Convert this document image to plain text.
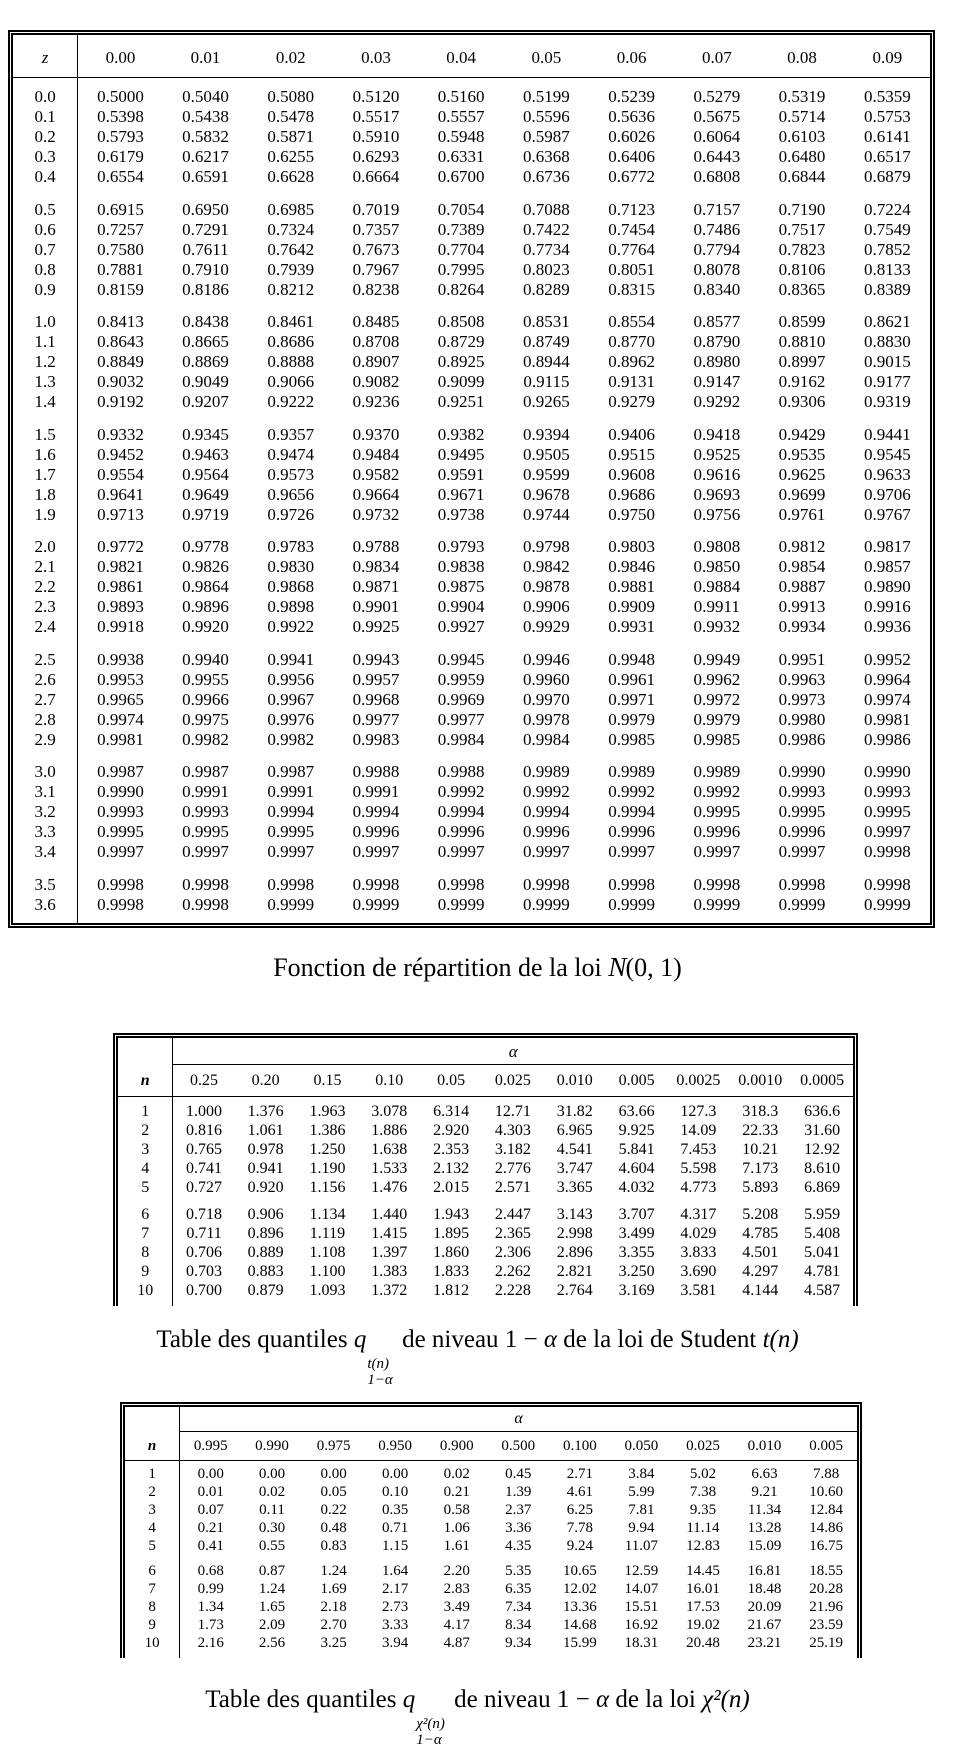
z	0.00	0.01	0.02	0.03	0.04	0.05	0.06	0.07	0.08	0.09
0.0	0.5000	0.5040	0.5080	0.5120	0.5160	0.5199	0.5239	0.5279	0.5319	0.5359
0.1	0.5398	0.5438	0.5478	0.5517	0.5557	0.5596	0.5636	0.5675	0.5714	0.5753
0.2	0.5793	0.5832	0.5871	0.5910	0.5948	0.5987	0.6026	0.6064	0.6103	0.6141
0.3	0.6179	0.6217	0.6255	0.6293	0.6331	0.6368	0.6406	0.6443	0.6480	0.6517
0.4	0.6554	0.6591	0.6628	0.6664	0.6700	0.6736	0.6772	0.6808	0.6844	0.6879
0.5	0.6915	0.6950	0.6985	0.7019	0.7054	0.7088	0.7123	0.7157	0.7190	0.7224
0.6	0.7257	0.7291	0.7324	0.7357	0.7389	0.7422	0.7454	0.7486	0.7517	0.7549
0.7	0.7580	0.7611	0.7642	0.7673	0.7704	0.7734	0.7764	0.7794	0.7823	0.7852
0.8	0.7881	0.7910	0.7939	0.7967	0.7995	0.8023	0.8051	0.8078	0.8106	0.8133
0.9	0.8159	0.8186	0.8212	0.8238	0.8264	0.8289	0.8315	0.8340	0.8365	0.8389
1.0	0.8413	0.8438	0.8461	0.8485	0.8508	0.8531	0.8554	0.8577	0.8599	0.8621
1.1	0.8643	0.8665	0.8686	0.8708	0.8729	0.8749	0.8770	0.8790	0.8810	0.8830
1.2	0.8849	0.8869	0.8888	0.8907	0.8925	0.8944	0.8962	0.8980	0.8997	0.9015
1.3	0.9032	0.9049	0.9066	0.9082	0.9099	0.9115	0.9131	0.9147	0.9162	0.9177
1.4	0.9192	0.9207	0.9222	0.9236	0.9251	0.9265	0.9279	0.9292	0.9306	0.9319
1.5	0.9332	0.9345	0.9357	0.9370	0.9382	0.9394	0.9406	0.9418	0.9429	0.9441
1.6	0.9452	0.9463	0.9474	0.9484	0.9495	0.9505	0.9515	0.9525	0.9535	0.9545
1.7	0.9554	0.9564	0.9573	0.9582	0.9591	0.9599	0.9608	0.9616	0.9625	0.9633
1.8	0.9641	0.9649	0.9656	0.9664	0.9671	0.9678	0.9686	0.9693	0.9699	0.9706
1.9	0.9713	0.9719	0.9726	0.9732	0.9738	0.9744	0.9750	0.9756	0.9761	0.9767
2.0	0.9772	0.9778	0.9783	0.9788	0.9793	0.9798	0.9803	0.9808	0.9812	0.9817
2.1	0.9821	0.9826	0.9830	0.9834	0.9838	0.9842	0.9846	0.9850	0.9854	0.9857
2.2	0.9861	0.9864	0.9868	0.9871	0.9875	0.9878	0.9881	0.9884	0.9887	0.9890
2.3	0.9893	0.9896	0.9898	0.9901	0.9904	0.9906	0.9909	0.9911	0.9913	0.9916
2.4	0.9918	0.9920	0.9922	0.9925	0.9927	0.9929	0.9931	0.9932	0.9934	0.9936
2.5	0.9938	0.9940	0.9941	0.9943	0.9945	0.9946	0.9948	0.9949	0.9951	0.9952
2.6	0.9953	0.9955	0.9956	0.9957	0.9959	0.9960	0.9961	0.9962	0.9963	0.9964
2.7	0.9965	0.9966	0.9967	0.9968	0.9969	0.9970	0.9971	0.9972	0.9973	0.9974
2.8	0.9974	0.9975	0.9976	0.9977	0.9977	0.9978	0.9979	0.9979	0.9980	0.9981
2.9	0.9981	0.9982	0.9982	0.9983	0.9984	0.9984	0.9985	0.9985	0.9986	0.9986
3.0	0.9987	0.9987	0.9987	0.9988	0.9988	0.9989	0.9989	0.9989	0.9990	0.9990
3.1	0.9990	0.9991	0.9991	0.9991	0.9992	0.9992	0.9992	0.9992	0.9993	0.9993
3.2	0.9993	0.9993	0.9994	0.9994	0.9994	0.9994	0.9994	0.9995	0.9995	0.9995
3.3	0.9995	0.9995	0.9995	0.9996	0.9996	0.9996	0.9996	0.9996	0.9996	0.9997
3.4	0.9997	0.9997	0.9997	0.9997	0.9997	0.9997	0.9997	0.9997	0.9997	0.9998
3.5	0.9998	0.9998	0.9998	0.9998	0.9998	0.9998	0.9998	0.9998	0.9998	0.9998
3.6	0.9998	0.9998	0.9999	0.9999	0.9999	0.9999	0.9999	0.9999	0.9999	0.9999
Fonction de répartition de la loi N(0, 1)
	α										
n	0.25	0.20	0.15	0.10	0.05	0.025	0.010	0.005	0.0025	0.0010	0.0005
1	1.000	1.376	1.963	3.078	6.314	12.71	31.82	63.66	127.3	318.3	636.6
2	0.816	1.061	1.386	1.886	2.920	4.303	6.965	9.925	14.09	22.33	31.60
3	0.765	0.978	1.250	1.638	2.353	3.182	4.541	5.841	7.453	10.21	12.92
4	0.741	0.941	1.190	1.533	2.132	2.776	3.747	4.604	5.598	7.173	8.610
5	0.727	0.920	1.156	1.476	2.015	2.571	3.365	4.032	4.773	5.893	6.869
6	0.718	0.906	1.134	1.440	1.943	2.447	3.143	3.707	4.317	5.208	5.959
7	0.711	0.896	1.119	1.415	1.895	2.365	2.998	3.499	4.029	4.785	5.408
8	0.706	0.889	1.108	1.397	1.860	2.306	2.896	3.355	3.833	4.501	5.041
9	0.703	0.883	1.100	1.383	1.833	2.262	2.821	3.250	3.690	4.297	4.781
10	0.700	0.879	1.093	1.372	1.812	2.228	2.764	3.169	3.581	4.144	4.587
Table des quantiles q
t(n)
1−α
de niveau 1 − α de la loi de Student t(n)
	α										
n	0.995	0.990	0.975	0.950	0.900	0.500	0.100	0.050	0.025	0.010	0.005
1	0.00	0.00	0.00	0.00	0.02	0.45	2.71	3.84	5.02	6.63	7.88
2	0.01	0.02	0.05	0.10	0.21	1.39	4.61	5.99	7.38	9.21	10.60
3	0.07	0.11	0.22	0.35	0.58	2.37	6.25	7.81	9.35	11.34	12.84
4	0.21	0.30	0.48	0.71	1.06	3.36	7.78	9.94	11.14	13.28	14.86
5	0.41	0.55	0.83	1.15	1.61	4.35	9.24	11.07	12.83	15.09	16.75
6	0.68	0.87	1.24	1.64	2.20	5.35	10.65	12.59	14.45	16.81	18.55
7	0.99	1.24	1.69	2.17	2.83	6.35	12.02	14.07	16.01	18.48	20.28
8	1.34	1.65	2.18	2.73	3.49	7.34	13.36	15.51	17.53	20.09	21.96
9	1.73	2.09	2.70	3.33	4.17	8.34	14.68	16.92	19.02	21.67	23.59
10	2.16	2.56	3.25	3.94	4.87	9.34	15.99	18.31	20.48	23.21	25.19
Table des quantiles q
χ²(n)
1−α
de niveau 1 − α de la loi χ²(n)
